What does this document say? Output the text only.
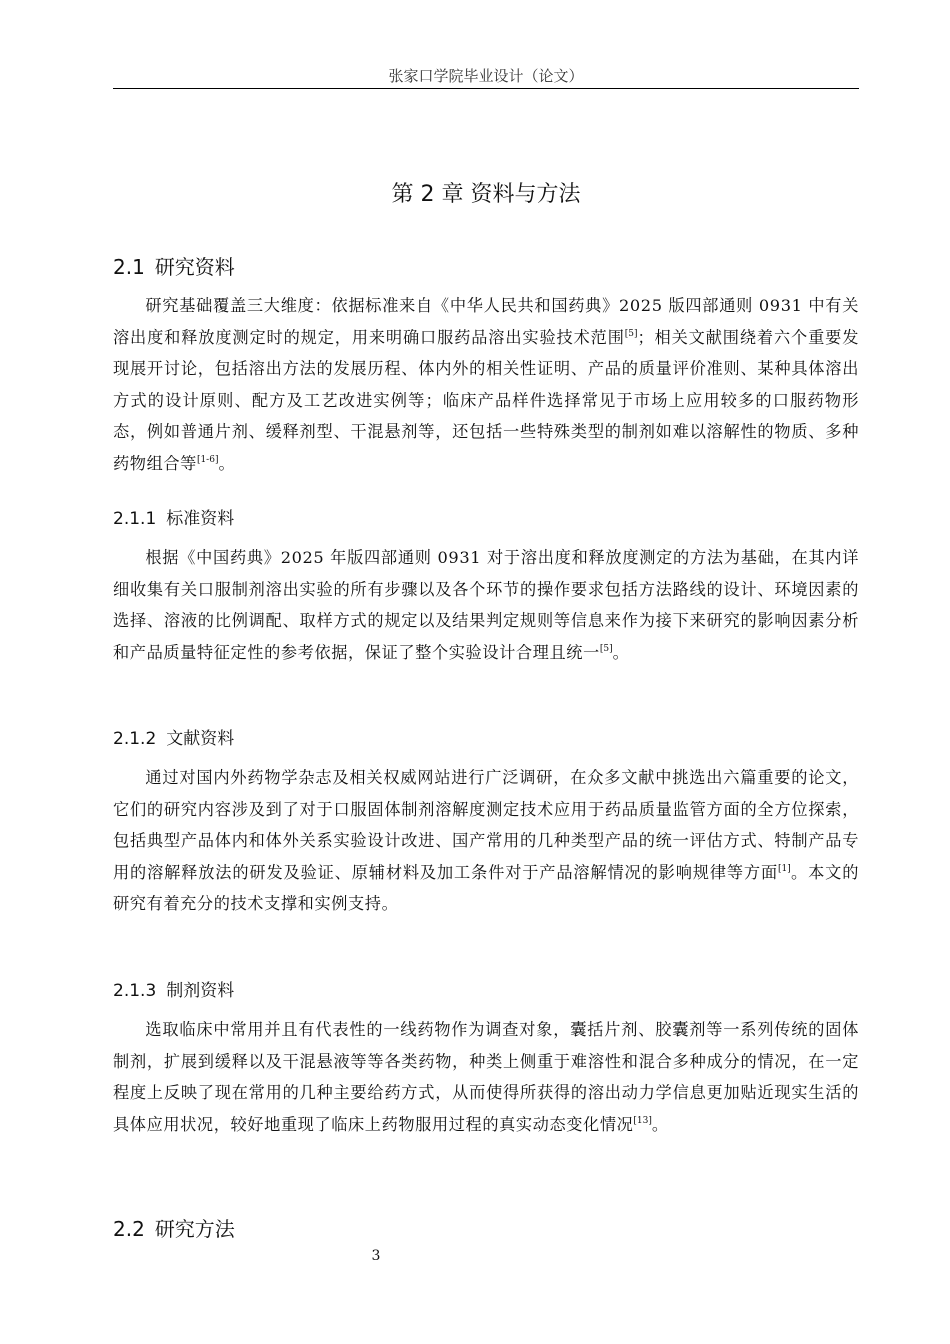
张家口学院毕业设计（论文）
第 2 章 资料与方法
2.1 研究资料

研究基础覆盖三大维度：依据标准来自《中华人民共和国药典》2025 版四部通则 0931 中有关溶出度和释放度测定时的规定，用来明确口服药品溶出实验技术范围[5]；相关文献围绕着六个重要发现展开讨论，包括溶出方法的发展历程、体内外的相关性证明、产品的质量评价准则、某种具体溶出方式的设计原则、配方及工艺改进实例等；临床产品样件选择常见于市场上应用较多的口服药物形态，例如普通片剂、缓释剂型、干混悬剂等，还包括一些特殊类型的制剂如难以溶解性的物质、多种药物组合等[1-6]。

2.1.1 标准资料

根据《中国药典》2025 年版四部通则 0931 对于溶出度和释放度测定的方法为基础，在其内详细收集有关口服制剂溶出实验的所有步骤以及各个环节的操作要求包括方法路线的设计、环境因素的选择、溶液的比例调配、取样方式的规定以及结果判定规则等信息来作为接下来研究的影响因素分析和产品质量特征定性的参考依据，保证了整个实验设计合理且统一[5]。

2.1.2 文献资料

通过对国内外药物学杂志及相关权威网站进行广泛调研，在众多文献中挑选出六篇重要的论文，它们的研究内容涉及到了对于口服固体制剂溶解度测定技术应用于药品质量监管方面的全方位探索，包括典型产品体内和体外关系实验设计改进、国产常用的几种类型产品的统一评估方式、特制产品专用的溶解释放法的研发及验证、原辅材料及加工条件对于产品溶解情况的影响规律等方面[1]。本文的研究有着充分的技术支撑和实例支持。

2.1.3 制剂资料

选取临床中常用并且有代表性的一线药物作为调查对象，囊括片剂、胶囊剂等一系列传统的固体制剂，扩展到缓释以及干混悬液等等各类药物，种类上侧重于难溶性和混合多种成分的情况，在一定程度上反映了现在常用的几种主要给药方式，从而使得所获得的溶出动力学信息更加贴近现实生活的具体应用状况，较好地重现了临床上药物服用过程的真实动态变化情况[13]。

2.2 研究方法
3
